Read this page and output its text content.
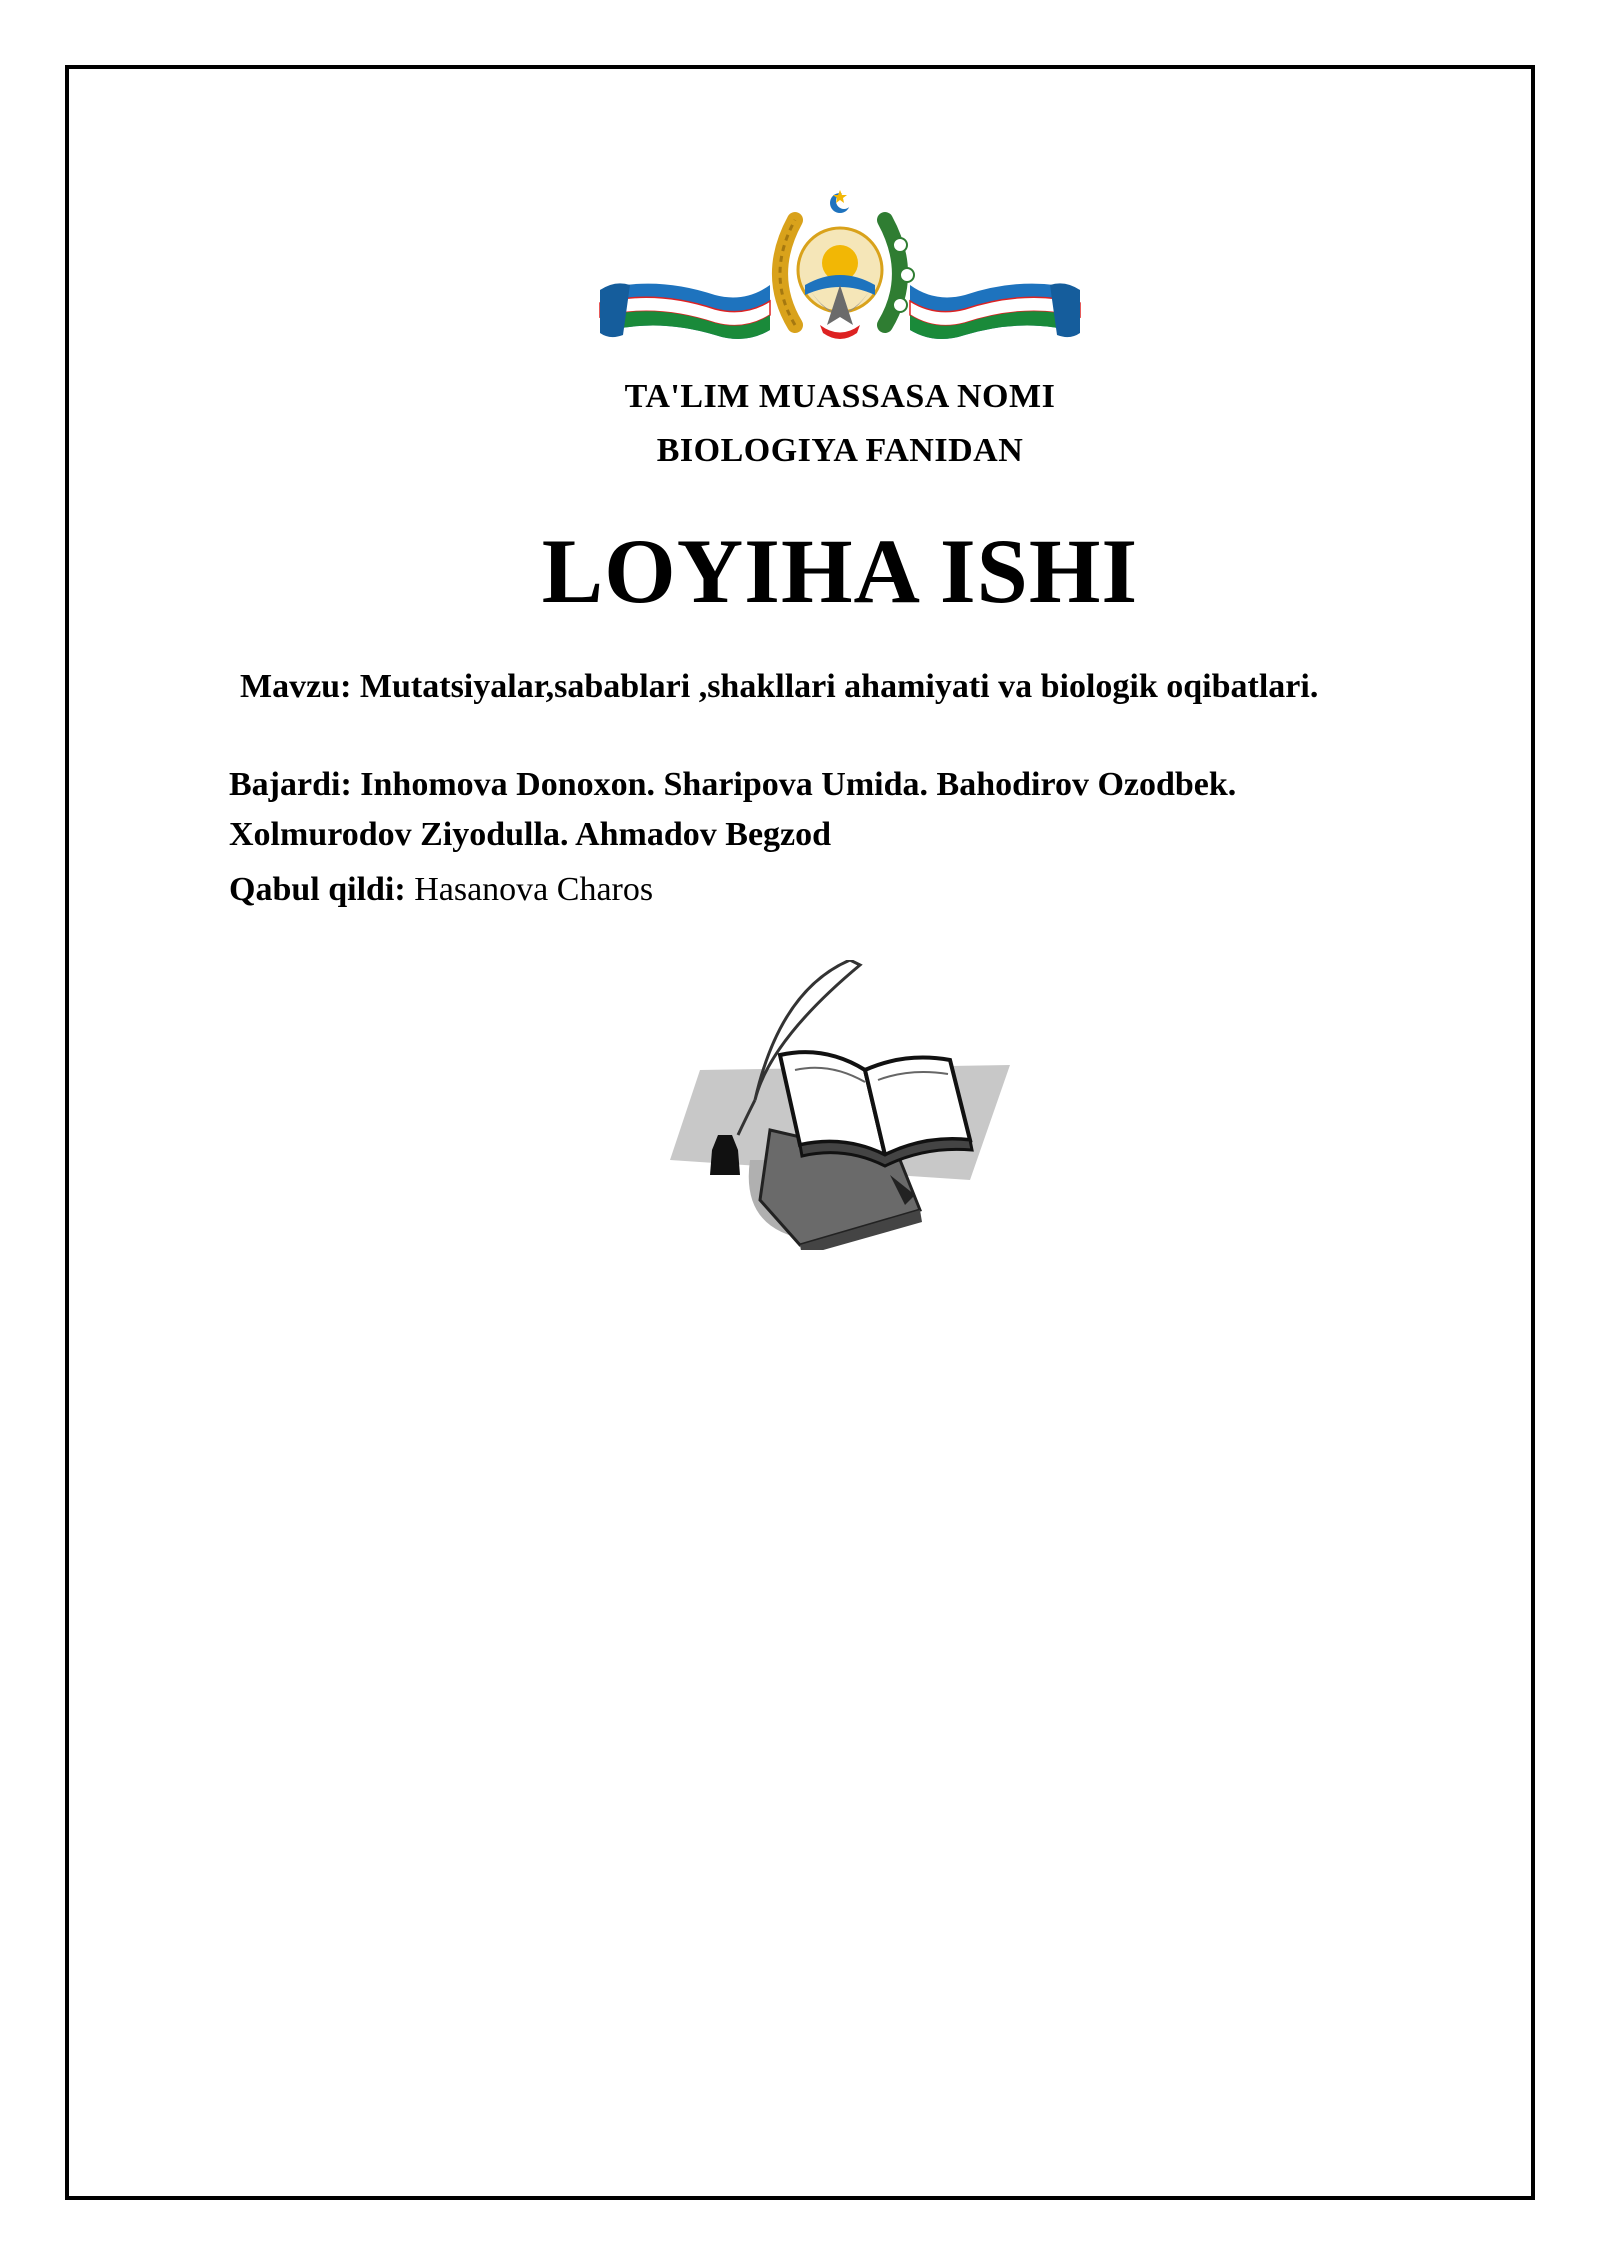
TA'LIM MUASSASA NOMI
BIOLOGIYA FANIDAN
LOYIHA ISHI
Mavzu: Mutatsiyalar,sabablari ,shakllari ahamiyati va biologik oqibatlari.
Bajardi: Inhomova Donoxon. Sharipova Umida. Bahodirov Ozodbek. Xolmurodov Ziyodulla. Ahmadov Begzod
Qabul qildi: Hasanova Charos
